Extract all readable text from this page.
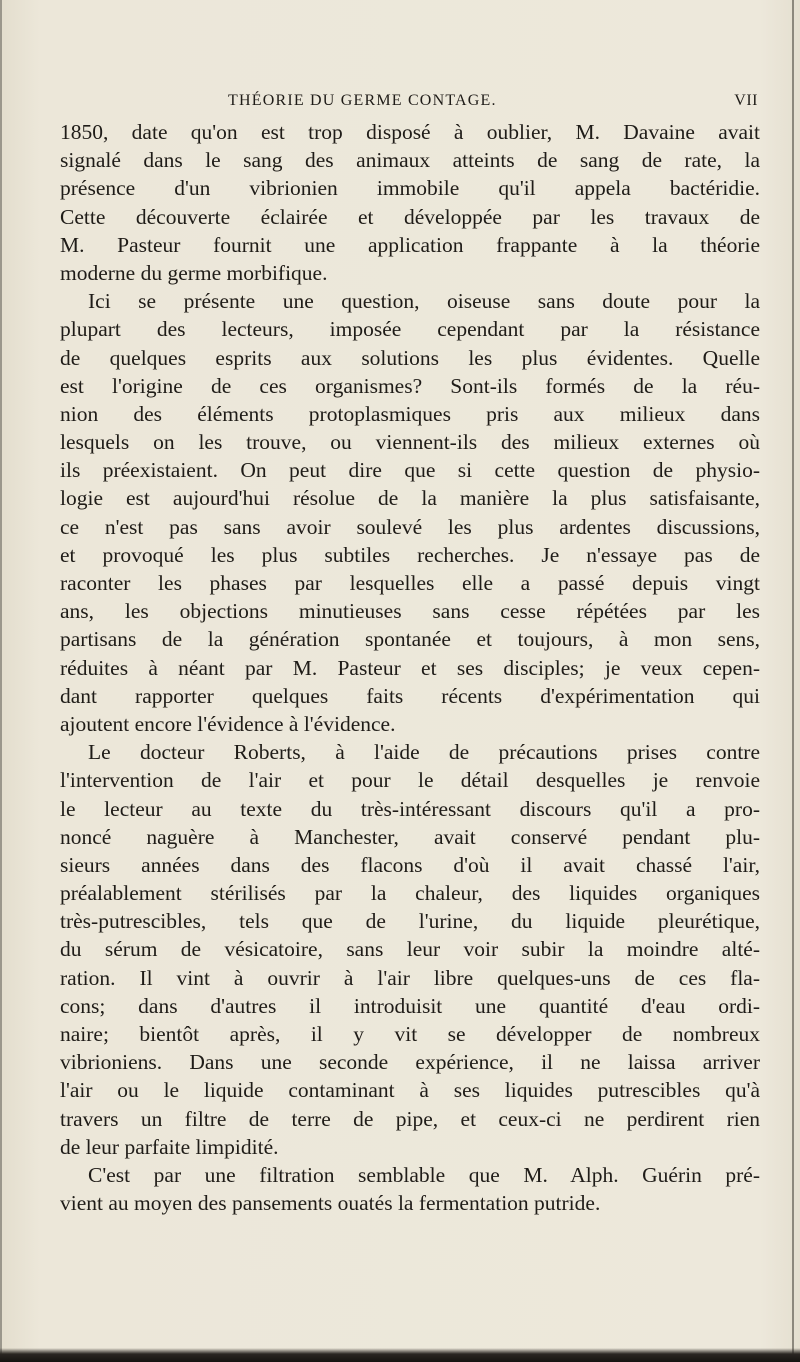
THÉORIE DU GERME CONTAGE.	VII
1850, date qu'on est trop disposé à oublier, M. Davaine avait
signalé dans le sang des animaux atteints de sang de rate, la
présence d'un vibrionien immobile qu'il appela bactéridie.
Cette découverte éclairée et développée par les travaux de
M. Pasteur fournit une application frappante à la théorie
moderne du germe morbifique.
Ici se présente une question, oiseuse sans doute pour la
plupart des lecteurs, imposée cependant par la résistance
de quelques esprits aux solutions les plus évidentes. Quelle
est l'origine de ces organismes? Sont-ils formés de la réu-
nion des éléments protoplasmiques pris aux milieux dans
lesquels on les trouve, ou viennent-ils des milieux externes où
ils préexistaient. On peut dire que si cette question de physio-
logie est aujourd'hui résolue de la manière la plus satisfaisante,
ce n'est pas sans avoir soulevé les plus ardentes discussions,
et provoqué les plus subtiles recherches. Je n'essaye pas de
raconter les phases par lesquelles elle a passé depuis vingt
ans, les objections minutieuses sans cesse répétées par les
partisans de la génération spontanée et toujours, à mon sens,
réduites à néant par M. Pasteur et ses disciples; je veux cepen-
dant rapporter quelques faits récents d'expérimentation qui
ajoutent encore l'évidence à l'évidence.
Le docteur Roberts, à l'aide de précautions prises contre
l'intervention de l'air et pour le détail desquelles je renvoie
le lecteur au texte du très-intéressant discours qu'il a pro-
noncé naguère à Manchester, avait conservé pendant plu-
sieurs années dans des flacons d'où il avait chassé l'air,
préalablement stérilisés par la chaleur, des liquides organiques
très-putrescibles, tels que de l'urine, du liquide pleurétique,
du sérum de vésicatoire, sans leur voir subir la moindre alté-
ration. Il vint à ouvrir à l'air libre quelques-uns de ces fla-
cons; dans d'autres il introduisit une quantité d'eau ordi-
naire; bientôt après, il y vit se développer de nombreux
vibrioniens. Dans une seconde expérience, il ne laissa arriver
l'air ou le liquide contaminant à ses liquides putrescibles qu'à
travers un filtre de terre de pipe, et ceux-ci ne perdirent rien
de leur parfaite limpidité.
C'est par une filtration semblable que M. Alph. Guérin pré-
vient au moyen des pansements ouatés la fermentation putride.
